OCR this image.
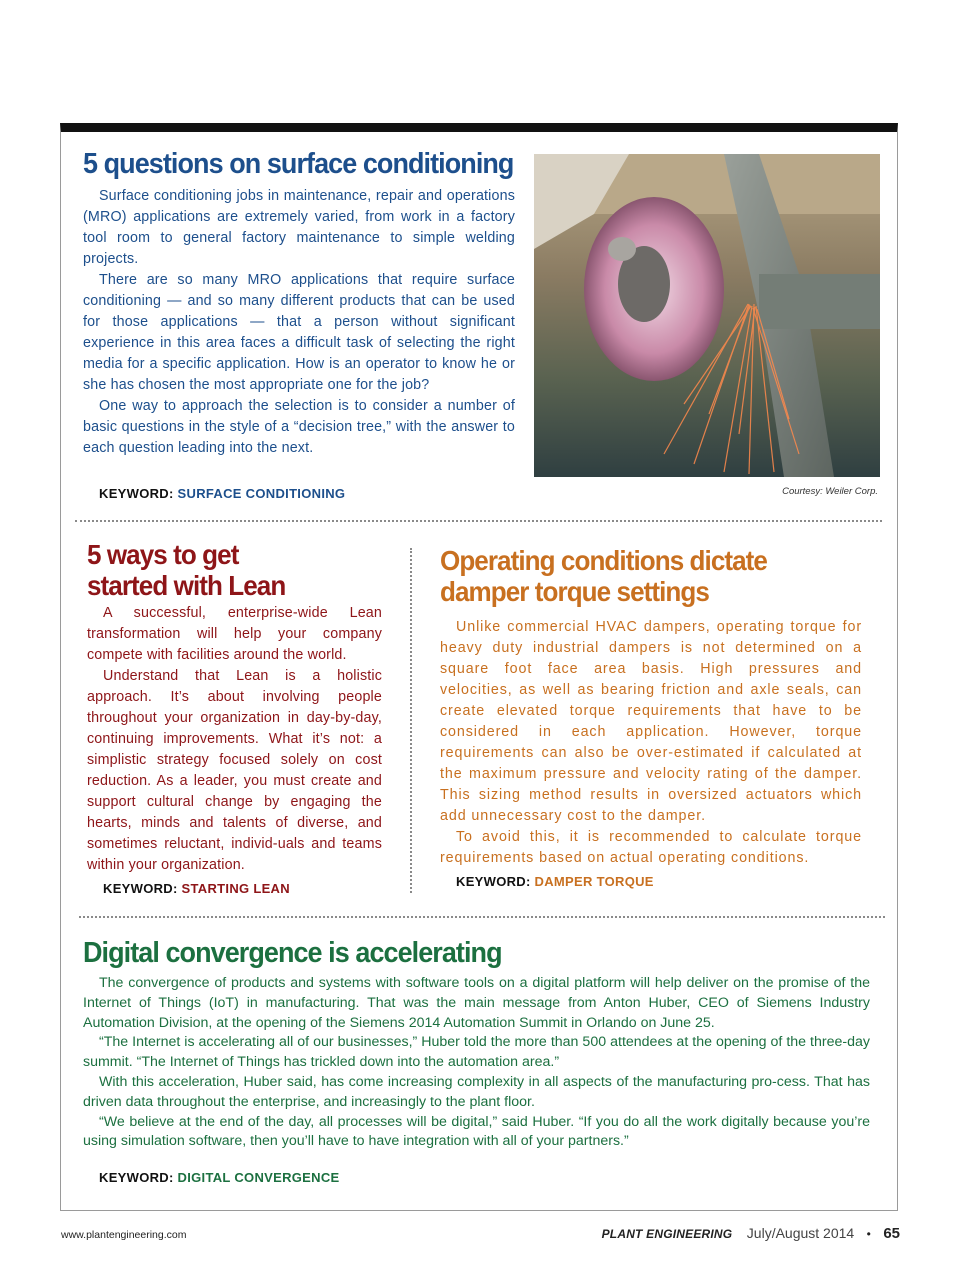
5 questions on surface conditioning

Surface conditioning jobs in maintenance, repair and operations (MRO) applications are extremely varied, from work in a factory tool room to general factory maintenance to simple welding projects.

There are so many MRO applications that require surface conditioning — and so many different products that can be used for those applications — that a person without significant experience in this area faces a difficult task of selecting the right media for a specific application. How is an operator to know he or she has chosen the most appropriate one for the job?

One way to approach the selection is to consider a number of basic questions in the style of a “decision tree,” with the answer to each question leading into the next.

KEYWORD: SURFACE CONDITIONING	Courtesy: Weiler Corp.
5 ways to get
started with Lean

A successful, enterprise-wide Lean transformation will help your company compete with facilities around the world.

Understand that Lean is a holistic approach. It’s about involving people throughout your organization in day-by-day, continuing improvements. What it’s not: a simplistic strategy focused solely on cost reduction. As a leader, you must create and support cultural change by engaging the hearts, minds and talents of diverse, and sometimes reluctant, individ-uals and teams within your organization.

KEYWORD: STARTING LEAN
Operating conditions dictate
damper torque settings

Unlike commercial HVAC dampers, operating torque for heavy duty industrial dampers is not determined on a square foot face area basis. High pressures and velocities, as well as bearing friction and axle seals, can create elevated torque requirements that have to be considered in each application. However, torque requirements can also be over-estimated if calculated at the maximum pressure and velocity rating of the damper. This sizing method results in oversized actuators which add unnecessary cost to the damper.

To avoid this, it is recommended to calculate torque requirements based on actual operating conditions.

KEYWORD: DAMPER TORQUE
Digital convergence is accelerating

The convergence of products and systems with software tools on a digital platform will help deliver on the promise of the Internet of Things (IoT) in manufacturing. That was the main message from Anton Huber, CEO of Siemens Industry Automation Division, at the opening of the Siemens 2014 Automation Summit in Orlando on June 25.

“The Internet is accelerating all of our businesses,” Huber told the more than 500 attendees at the opening of the three-day summit. “The Internet of Things has trickled down into the automation area.”

With this acceleration, Huber said, has come increasing complexity in all aspects of the manufacturing pro-cess. That has driven data throughout the enterprise, and increasingly to the plant floor.

“We believe at the end of the day, all processes will be digital,” said Huber. “If you do all the work digitally because you’re using simulation software, then you’ll have to have integration with all of your partners.”

KEYWORD: DIGITAL CONVERGENCE
www.plantengineering.com	PLANT ENGINEERING July/August 2014 • 65
